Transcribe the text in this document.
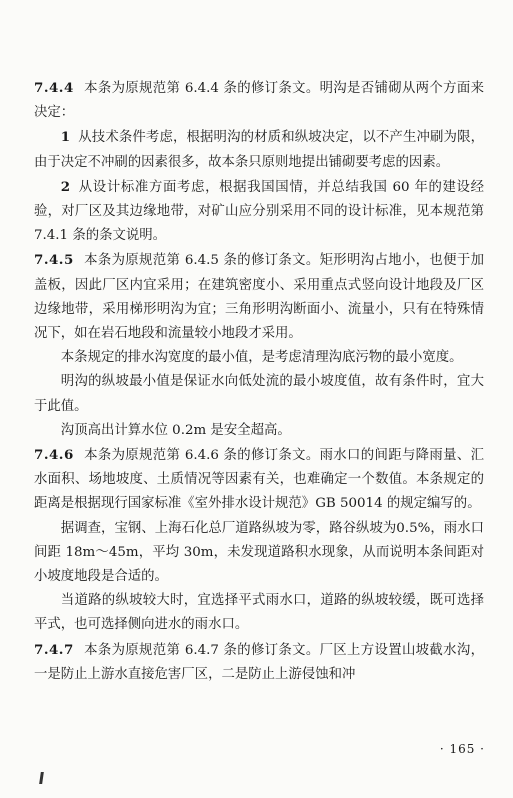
7.4.4 本条为原规范第 6.4.4 条的修订条文。明沟是否铺砌从两个方面来决定：

1 从技术条件考虑，根据明沟的材质和纵坡决定，以不产生冲刷为限，由于决定不冲刷的因素很多，故本条只原则地提出铺砌要考虑的因素。

2 从设计标准方面考虑，根据我国国情，并总结我国 60 年的建设经验，对厂区及其边缘地带，对矿山应分别采用不同的设计标准，见本规范第 7.4.1 条的条文说明。

7.4.5 本条为原规范第 6.4.5 条的修订条文。矩形明沟占地小，也便于加盖板，因此厂区内宜采用；在建筑密度小、采用重点式竖向设计地段及厂区边缘地带，采用梯形明沟为宜；三角形明沟断面小、流量小，只有在特殊情况下，如在岩石地段和流量较小地段才采用。

本条规定的排水沟宽度的最小值，是考虑清理沟底污物的最小宽度。

明沟的纵坡最小值是保证水向低处流的最小坡度值，故有条件时，宜大于此值。

沟顶高出计算水位 0.2m 是安全超高。

7.4.6 本条为原规范第 6.4.6 条的修订条文。雨水口的间距与降雨量、汇水面积、场地坡度、土质情况等因素有关，也难确定一个数值。本条规定的距离是根据现行国家标准《室外排水设计规范》GB 50014 的规定编写的。

据调查，宝钢、上海石化总厂道路纵坡为零，路谷纵坡为0.5%，雨水口间距 18m～45m，平均 30m，未发现道路积水现象，从而说明本条间距对小坡度地段是合适的。

当道路的纵坡较大时，宜选择平式雨水口，道路的纵坡较缓，既可选择平式，也可选择侧向进水的雨水口。

7.4.7 本条为原规范第 6.4.7 条的修订条文。厂区上方设置山坡截水沟，一是防止上游水直接危害厂区，二是防止上游侵蚀和冲

· 165 ·
